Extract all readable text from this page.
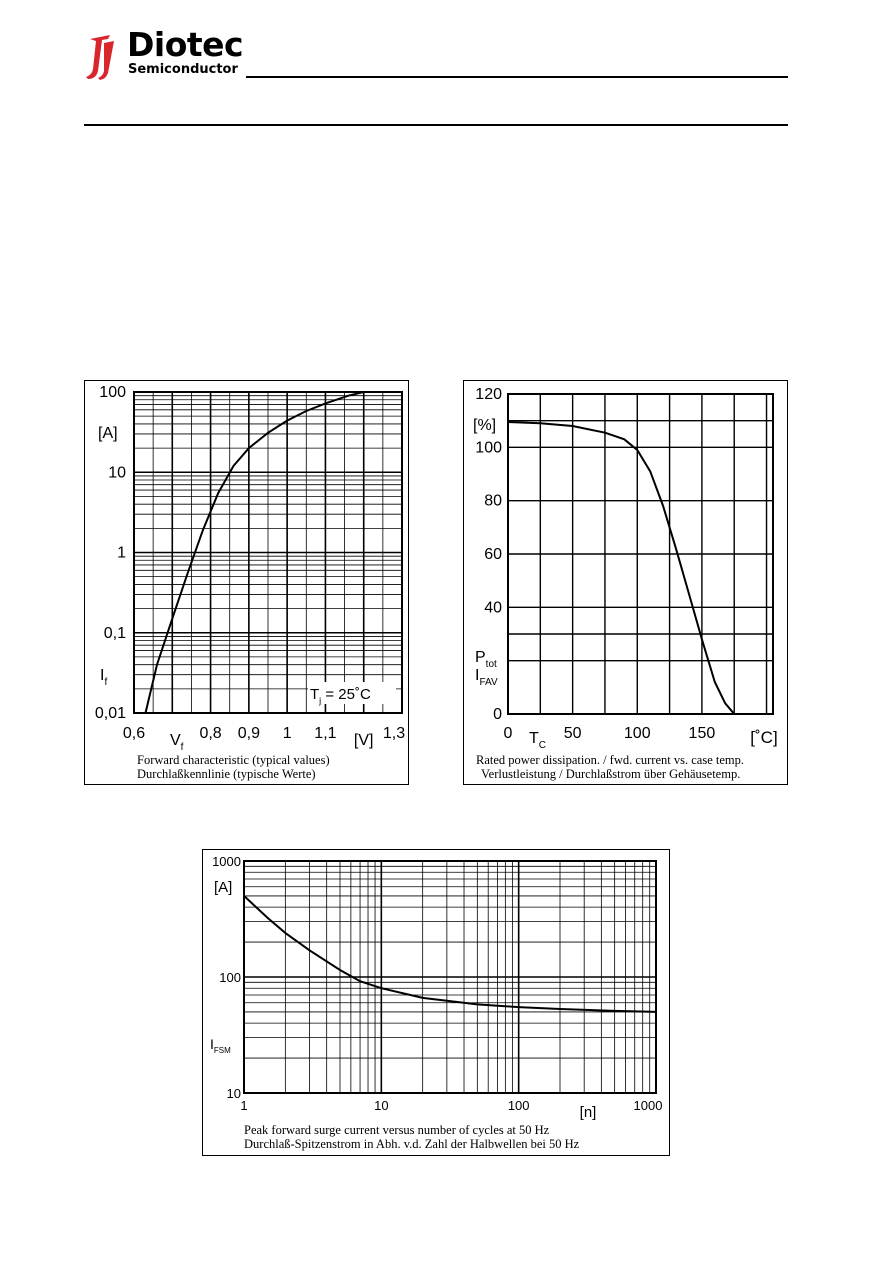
Diotec
Semiconductor
$T_j$ = 25˚C
100
10
1
0,1
0,01
[A]
$I_f$
0,6	0,8 0,9 1 1,1	1,3
[V]
$V_f$
Forward characteristic (typical values)
Durchlaßkennlinie (typische Werte)
120
100
80
60
40
0
[%]
$P_{tot}$
$I_{FAV}$
0	50	100 150
$T_C$	[˚C]
Rated power dissipation. / fwd. current vs. case temp.
Verlustleistung / Durchlaßstrom über Gehäusetemp.
1000
100
10
[A]
$I_{FSM}$
1	10	100	1000
[n]
Peak forward surge current versus number of cycles at 50 Hz
Durchlaß-Spitzenstrom in Abh. v.d. Zahl der Halbwellen bei 50 Hz
